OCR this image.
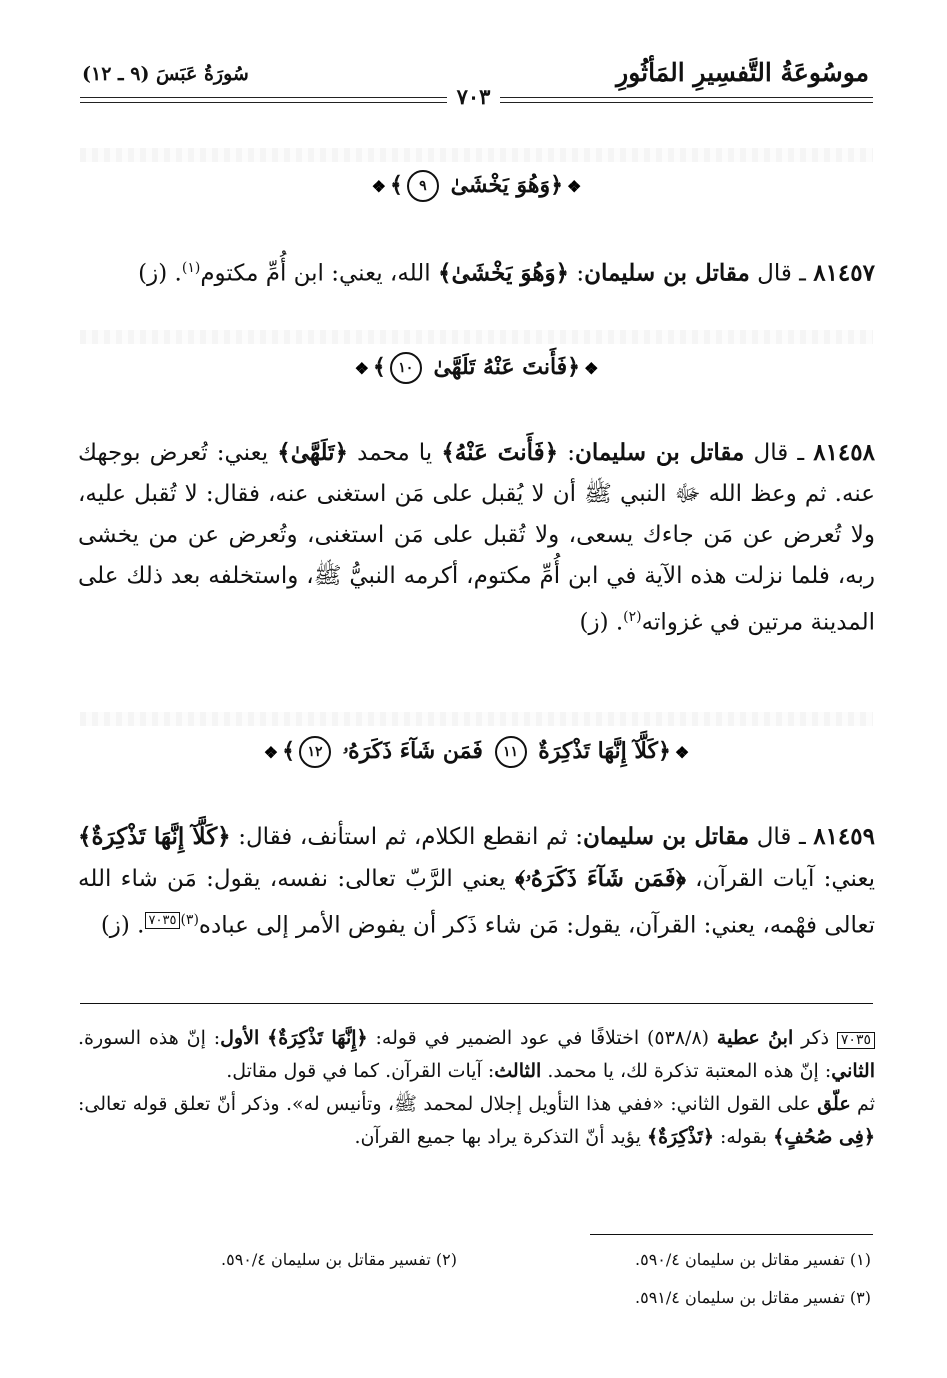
موسُوعَةُ التَّفسِيرِ المَأثُورِ
سُورَةُ عَبَسَ (٩ ـ ١٢)
٧٠٣
❖﴿وَهُوَ يَخْشَىٰ ٩﴾❖
٨١٤٥٧ ـ قال مقاتل بن سليمان: ﴿وَهُوَ يَخْشَىٰ﴾ الله، يعني: ابن أُمِّ مكتوم$^{(١)}$. (ز)
❖﴿فَأَنتَ عَنْهُ تَلَهَّىٰ ١٠﴾❖
٨١٤٥٨ ـ قال مقاتل بن سليمان: ﴿فَأَنتَ عَنْهُ﴾ يا محمد ﴿تَلَهَّىٰ﴾ يعني: تُعرض بوجهك عنه. ثم وعظ الله ﷻ النبي ﷺ أن لا يُقبل على مَن استغنى عنه، فقال: لا تُقبل عليه، ولا تُعرض عن مَن جاءك يسعى، ولا تُقبل على مَن استغنى، وتُعرض عن من يخشى ربه، فلما نزلت هذه الآية في ابن أُمِّ مكتوم، أكرمه النبيُّ ﷺ، واستخلفه بعد ذلك على المدينة مرتين في غزواته$^{(٢)}$. (ز)
❖﴿كَلَّآ إِنَّهَا تَذْكِرَةٌ ١١ فَمَن شَآءَ ذَكَرَهُۥ ١٢﴾❖
٨١٤٥٩ ـ قال مقاتل بن سليمان: ثم انقطع الكلام، ثم استأنف، فقال: ﴿كَلَّآ إِنَّهَا تَذْكِرَةٌ﴾ يعني: آيات القرآن، ﴿فَمَن شَآءَ ذَكَرَهُۥ﴾ يعني الرَّبّ تعالى: نفسه، يقول: مَن شاء الله تعالى فهْمه، يعني: القرآن، يقول: مَن شاء ذَكر أن يفوض الأمر إلى عباده$^{(٣)}$٧٠٣٥. (ز)
٧٠٣٥ ذكر ابنُ عطية (٥٣٨/٨) اختلافًا في عود الضمير في قوله: ﴿إِنَّهَا تَذْكِرَةٌ﴾ الأول: إنّ هذه السورة. الثاني: إنّ هذه المعتبة تذكرة لك، يا محمد. الثالث: آيات القرآن. كما في قول مقاتل.
ثم علّق على القول الثاني: «ففي هذا التأويل إجلال لمحمد ﷺ، وتأنيس له». وذكر أنّ تعلق قوله تعالى: ﴿فِى صُحُفٍ﴾ بقوله: ﴿تَذْكِرَةٌ﴾ يؤيد أنّ التذكرة يراد بها جميع القرآن.
(١) تفسير مقاتل بن سليمان ٥٩٠/٤.
(٢) تفسير مقاتل بن سليمان ٥٩٠/٤.
(٣) تفسير مقاتل بن سليمان ٥٩١/٤.
